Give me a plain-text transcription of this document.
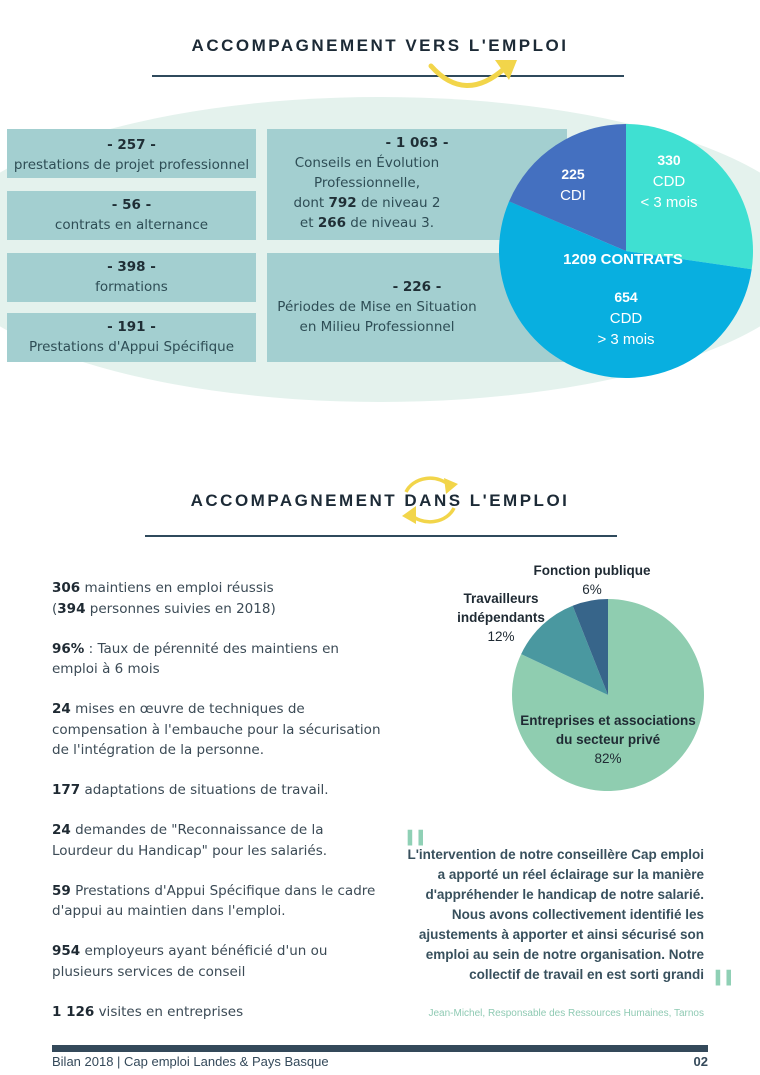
ACCOMPAGNEMENT VERS L'EMPLOI
- 257 -
prestations de projet professionnel
- 56 -
contrats en alternance
- 398 -
formations
- 191 -
Prestations d'Appui Spécifique
- 1 063 -
Conseils en Évolution
Professionnelle,
dont 792 de niveau 2
et 266 de niveau 3.
- 226 -
Périodes de Mise en Situation
en Milieu Professionnel
225
CDI
330
CDD
< 3 mois
654
CDD
> 3 mois
1209 CONTRATS
ACCOMPAGNEMENT DANS L'EMPLOI

306 maintiens en emploi réussis
(394 personnes suivies en 2018)

96% : Taux de pérennité des maintiens en emploi à 6 mois

24 mises en œuvre de techniques de compensation à l'embauche pour la sécurisation de l'intégration de la personne.

177 adaptations de situations de travail.

24 demandes de "Reconnaissance de la Lourdeur du Handicap" pour les salariés.

59 Prestations d'Appui Spécifique dans le cadre d'appui au maintien dans l'emploi.

954 employeurs ayant bénéficié d'un ou plusieurs services de conseil

1 126 visites en entreprises

Entreprises et associations
du secteur privé
82%
Travailleurs
indépendants
12%
Fonction publique
6%
"
L'intervention de notre conseillère Cap emploi a apporté un réel éclairage sur la manière d'appréhender le handicap de notre salarié. Nous avons collectivement identifié les ajustements à apporter et ainsi sécurisé son emploi au sein de notre organisation. Notre collectif de travail en est sorti grandi "
Jean-Michel, Responsable des Ressources Humaines, Tarnos
Bilan 2018 | Cap emploi Landes & Pays Basque	02
